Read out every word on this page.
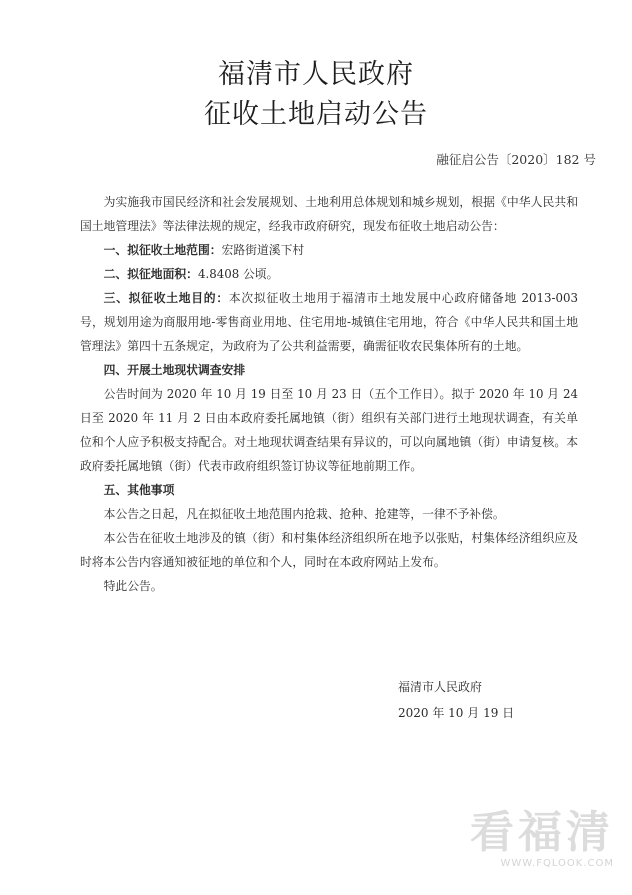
福清市人民政府
征收土地启动公告
融征启公告〔2020〕182 号

为实施我市国民经济和社会发展规划、土地利用总体规划和城乡规划，根据《中华人民共和国土地管理法》等法律法规的规定，经我市政府研究，现发布征收土地启动公告：

一、拟征收土地范围：宏路街道溪下村

二、拟征地面积：4.8408 公顷。

三、拟征收土地目的：本次拟征收土地用于福清市土地发展中心政府储备地 2013-003 号，规划用途为商服用地-零售商业用地、住宅用地-城镇住宅用地，符合《中华人民共和国土地管理法》第四十五条规定，为政府为了公共利益需要，确需征收农民集体所有的土地。

四、开展土地现状调查安排

公告时间为 2020 年 10 月 19 日至 10 月 23 日（五个工作日）。拟于 2020 年 10 月 24 日至 2020 年 11 月 2 日由本政府委托属地镇（街）组织有关部门进行土地现状调查，有关单位和个人应予积极支持配合。对土地现状调查结果有异议的，可以向属地镇（街）申请复核。本政府委托属地镇（街）代表市政府组织签订协议等征地前期工作。

五、其他事项

本公告之日起，凡在拟征收土地范围内抢栽、抢种、抢建等，一律不予补偿。

本公告在征收土地涉及的镇（街）和村集体经济组织所在地予以张贴，村集体经济组织应及时将本公告内容通知被征地的单位和个人，同时在本政府网站上发布。

特此公告。

福清市人民政府
2020 年 10 月 19 日
看福清
WWW.FQLOOK.COM
